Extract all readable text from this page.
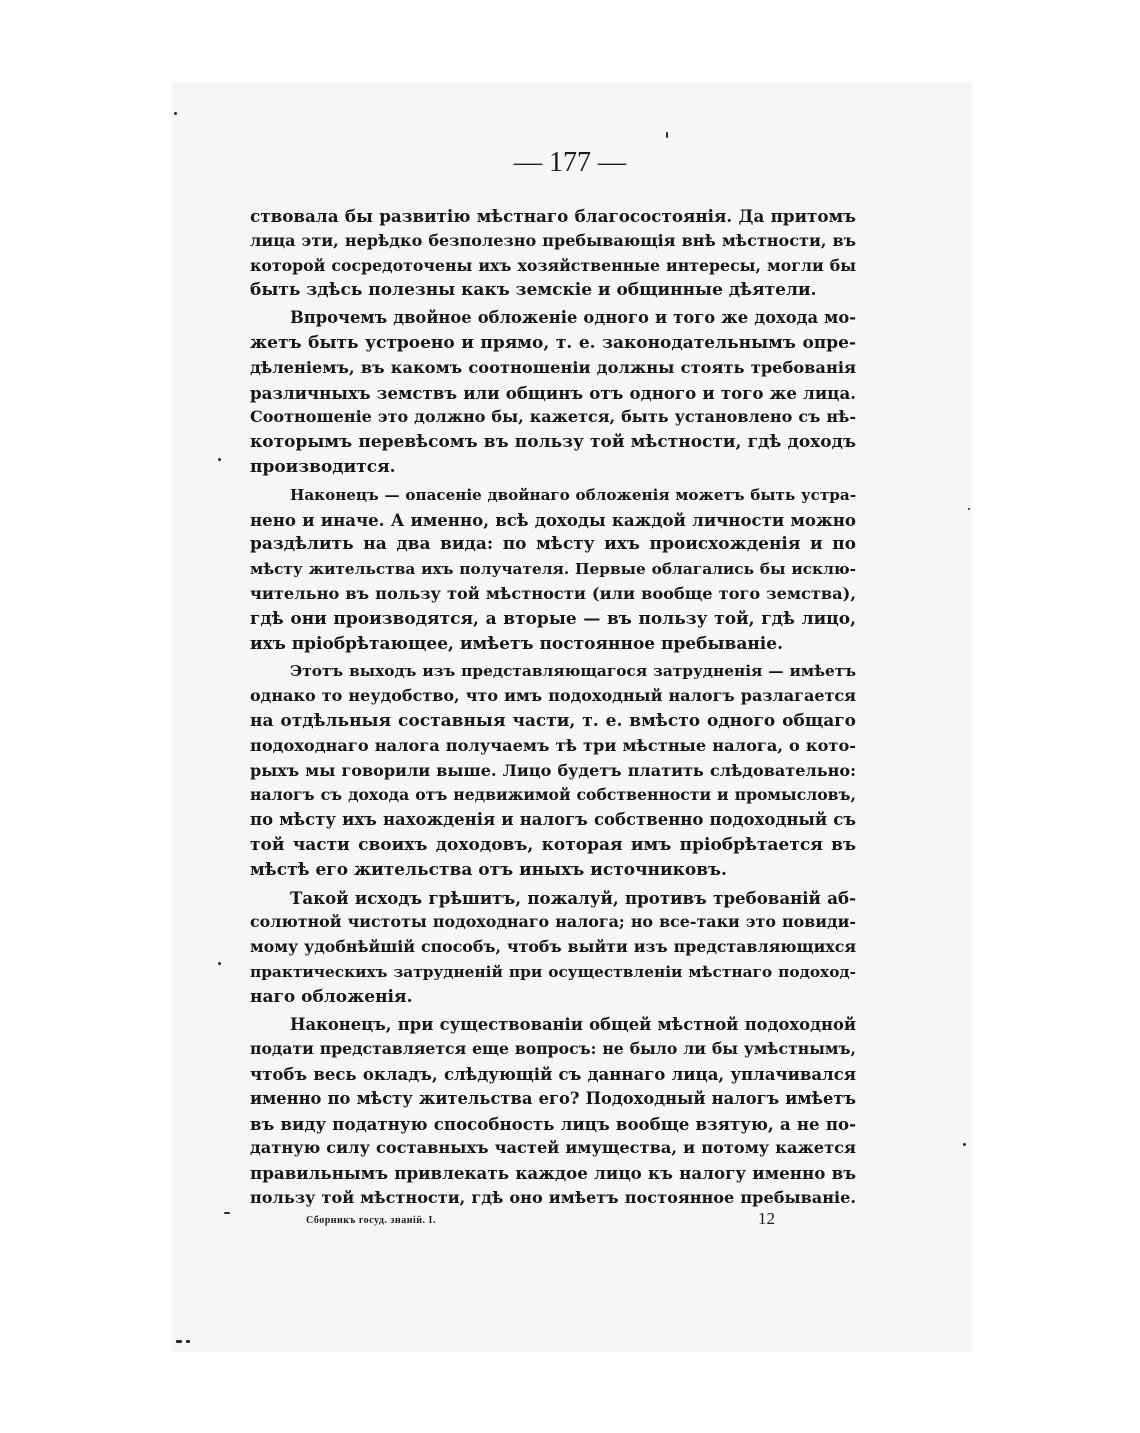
— 177 —
ствовала бы развитію мѣстнаго благосостоянія. Да притомъ
лица эти, нерѣдко безполезно пребывающія внѣ мѣстности, въ
которой сосредоточены ихъ хозяйственные интересы, могли бы
быть здѣсь полезны какъ земскіе и общинные дѣятели.
Впрочемъ двойное обложеніе одного и того же дохода мо-
жетъ быть устроено и прямо, т. е. законодательнымъ опре-
дѣленіемъ, въ какомъ соотношеніи должны стоять требованія
различныхъ земствъ или общинъ отъ одного и того же лица.
Соотношеніе это должно бы, кажется, быть установлено съ нѣ-
которымъ перевѣсомъ въ пользу той мѣстности, гдѣ доходъ
производится.
Наконецъ — опасеніе двойнаго обложенія можетъ быть устра-
нено и иначе. А именно, всѣ доходы каждой личности можно
раздѣлить на два вида: по мѣсту ихъ происхожденія и по
мѣсту жительства ихъ получателя. Первые облагались бы исклю-
чительно въ пользу той мѣстности (или вообще того земства),
гдѣ они производятся, а вторые — въ пользу той, гдѣ лицо,
ихъ пріобрѣтающее, имѣетъ постоянное пребываніе.
Этотъ выходъ изъ представляющагося затрудненія — имѣетъ
однако то неудобство, что имъ подоходный налогъ разлагается
на отдѣльныя составныя части, т. е. вмѣсто одного общаго
подоходнаго налога получаемъ тѣ три мѣстные налога, о кото-
рыхъ мы говорили выше. Лицо будетъ платить слѣдовательно:
налогъ съ дохода отъ недвижимой собственности и промысловъ,
по мѣсту ихъ нахожденія и налогъ собственно подоходный съ
той части своихъ доходовъ, которая имъ пріобрѣтается въ
мѣстѣ его жительства отъ иныхъ источниковъ.
Такой исходъ грѣшитъ, пожалуй, противъ требованій аб-
солютной чистоты подоходнаго налога; но все-таки это повиди-
мому удобнѣйшій способъ, чтобъ выйти изъ представляющихся
практическихъ затрудненій при осуществленіи мѣстнаго подоход-
наго обложенія.
Наконецъ, при существованіи общей мѣстной подоходной
подати представляется еще вопросъ: не было ли бы умѣстнымъ,
чтобъ весь окладъ, слѣдующій съ даннаго лица, уплачивался
именно по мѣсту жительства его? Подоходный налогъ имѣетъ
въ виду податную способность лицъ вообще взятую, а не по-
датную силу составныхъ частей имущества, и потому кажется
правильнымъ привлекать каждое лицо къ налогу именно въ
пользу той мѣстности, гдѣ оно имѣетъ постоянное пребываніе.
Сборникъ госуд. знаній. I.	12
